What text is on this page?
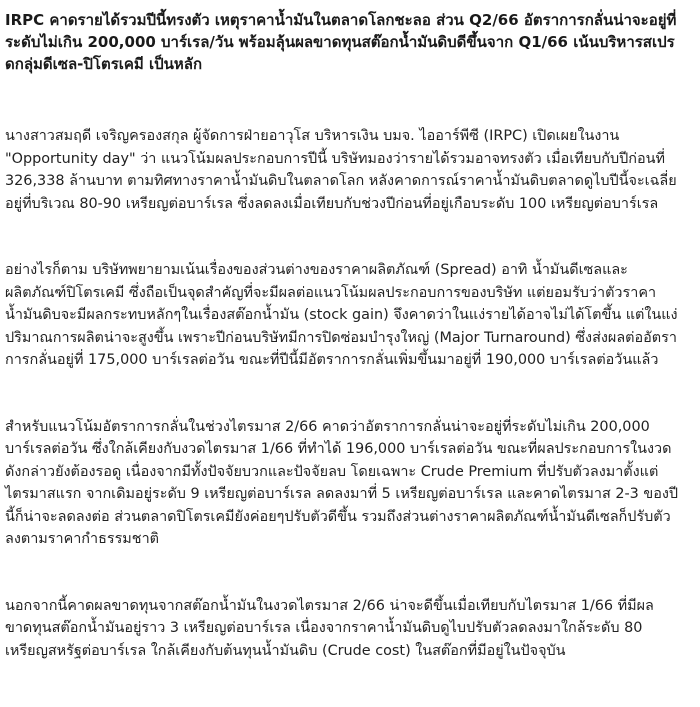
IRPC คาดรายได้รวมปีนี้ทรงตัว เหตุราคาน้ำมันในตลาดโลกชะลอ ส่วน Q2/66 อัตราการกลั่นน่าจะอยู่ที่ระดับไม่เกิน 200,000 บาร์เรล/วัน พร้อมลุ้นผลขาดทุนสต๊อกน้ำมันดิบดีขึ้นจาก Q1/66 เน้นบริหารสเปรดกลุ่มดีเซล-ปิโตรเคมี เป็นหลัก

นางสาวสมฤดี เจริญครองสกุล ผู้จัดการฝ่ายอาวุโส บริหารเงิน บมจ. ไออาร์พีซี (IRPC) เปิดเผยในงาน "Opportunity day" ว่า แนวโน้มผลประกอบการปีนี้ บริษัทมองว่ารายได้รวมอาจทรงตัว เมื่อเทียบกับปีก่อนที่ 326,338 ล้านบาท ตามทิศทางราคาน้ำมันดิบในตลาดโลก หลังคาดการณ์ราคาน้ำมันดิบตลาดดูไบปีนี้จะเฉลี่ยอยู่ที่บริเวณ 80-90 เหรียญต่อบาร์เรล ซึ่งลดลงเมื่อเทียบกับช่วงปีก่อนที่อยู่เกือบระดับ 100 เหรียญต่อบาร์เรล

อย่างไรก็ตาม บริษัทพยายามเน้นเรื่องของส่วนต่างของราคาผลิตภัณฑ์ (Spread) อาทิ น้ำมันดีเซลและผลิตภัณฑ์ปิโตรเคมี ซึ่งถือเป็นจุดสำคัญที่จะมีผลต่อแนวโน้มผลประกอบการของบริษัท แต่ยอมรับว่าตัวราคาน้ำมันดิบจะมีผลกระทบหลักๆในเรื่องสต๊อกน้ำมัน (stock gain) จึงคาดว่าในแง่รายได้อาจไม่ได้โตขึ้น แต่ในแง่ปริมาณการผลิตน่าจะสูงขึ้น เพราะปีก่อนบริษัทมีการปิดซ่อมบำรุงใหญ่ (Major Turnaround) ซึ่งส่งผลต่ออัตราการกลั่นอยู่ที่ 175,000 บาร์เรลต่อวัน ขณะที่ปีนี้มีอัตราการกลั่นเพิ่มขึ้นมาอยู่ที่ 190,000 บาร์เรลต่อวันแล้ว

สำหรับแนวโน้มอัตราการกลั่นในช่วงไตรมาส 2/66 คาดว่าอัตราการกลั่นน่าจะอยู่ที่ระดับไม่เกิน 200,000 บาร์เรลต่อวัน ซึ่งใกล้เคียงกับงวดไตรมาส 1/66 ที่ทำได้ 196,000 บาร์เรลต่อวัน ขณะที่ผลประกอบการในงวดดังกล่าวยังต้องรอดู เนื่องจากมีทั้งปัจจัยบวกและปัจจัยลบ โดยเฉพาะ Crude Premium ที่ปรับตัวลงมาตั้งแต่ไตรมาสแรก จากเดิมอยู่ระดับ 9 เหรียญต่อบาร์เรล ลดลงมาที่ 5 เหรียญต่อบาร์เรล และคาดไตรมาส 2-3 ของปีนี้ก็น่าจะลดลงต่อ ส่วนตลาดปิโตรเคมียังค่อยๆปรับตัวดีขึ้น รวมถึงส่วนต่างราคาผลิตภัณฑ์น้ำมันดีเซลก็ปรับตัวลงตามราคากำธรรมชาติ

นอกจากนี้คาดผลขาดทุนจากสต๊อกน้ำมันในงวดไตรมาส 2/66 น่าจะดีขึ้นเมื่อเทียบกับไตรมาส 1/66 ที่มีผลขาดทุนสต๊อกน้ำมันอยู่ราว 3 เหรียญต่อบาร์เรล เนื่องจากราคาน้ำมันดิบดูไบปรับตัวลดลงมาใกล้ระดับ 80 เหรียญสหรัฐต่อบาร์เรล ใกล้เคียงกับต้นทุนน้ำมันดิบ (Crude cost) ในสต๊อกที่มีอยู่ในปัจจุบัน
